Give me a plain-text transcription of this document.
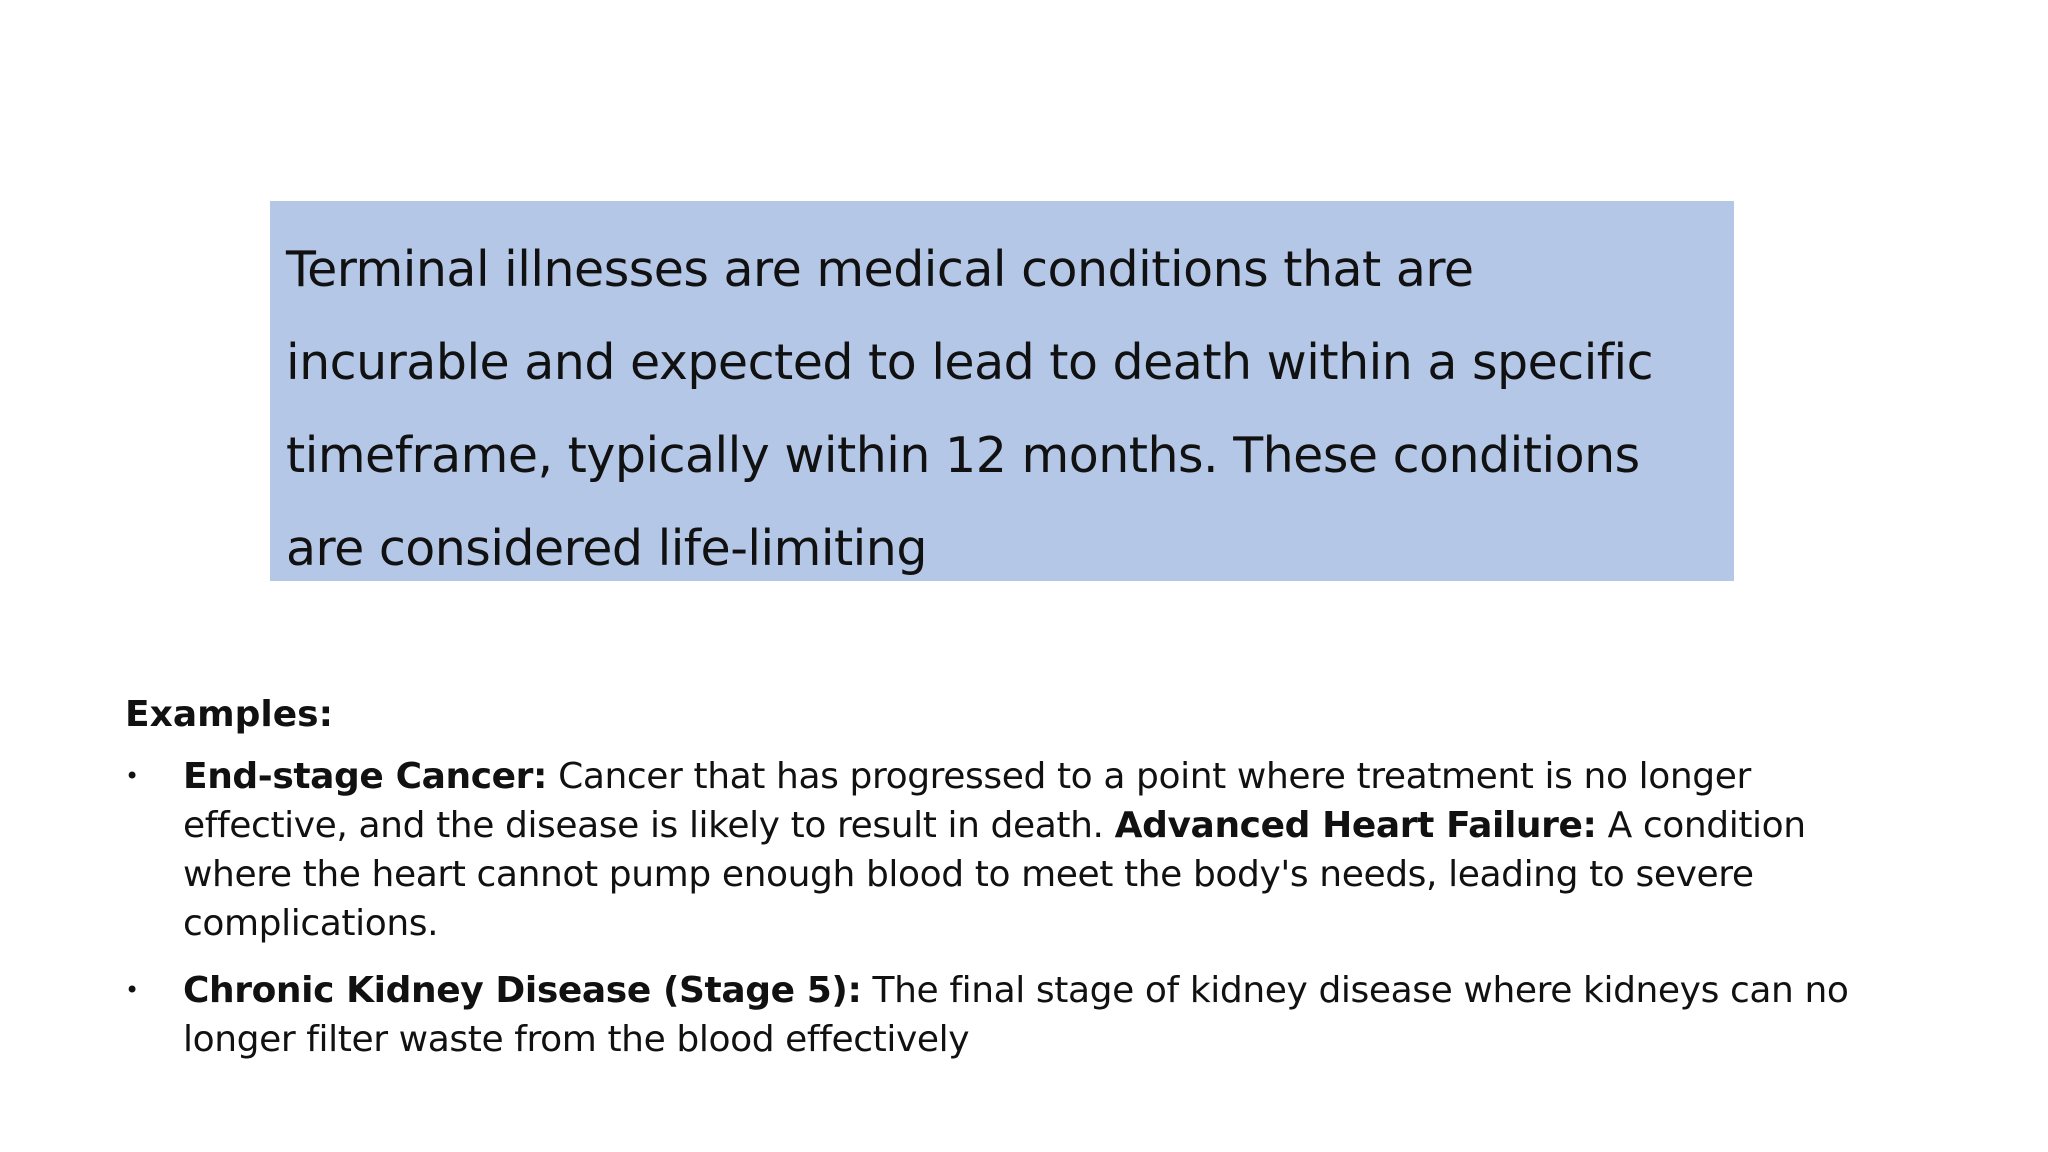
Terminal illnesses are medical conditions that are incurable and expected to lead to death within a specific timeframe, typically within 12 months. These conditions are considered life-limiting

Examples:
• End-stage Cancer: Cancer that has progressed to a point where treatment is no longer effective, and the disease is likely to result in death. Advanced Heart Failure: A condition where the heart cannot pump enough blood to meet the body's needs, leading to severe complications.
• Chronic Kidney Disease (Stage 5): The final stage of kidney disease where kidneys can no longer filter waste from the blood effectively
